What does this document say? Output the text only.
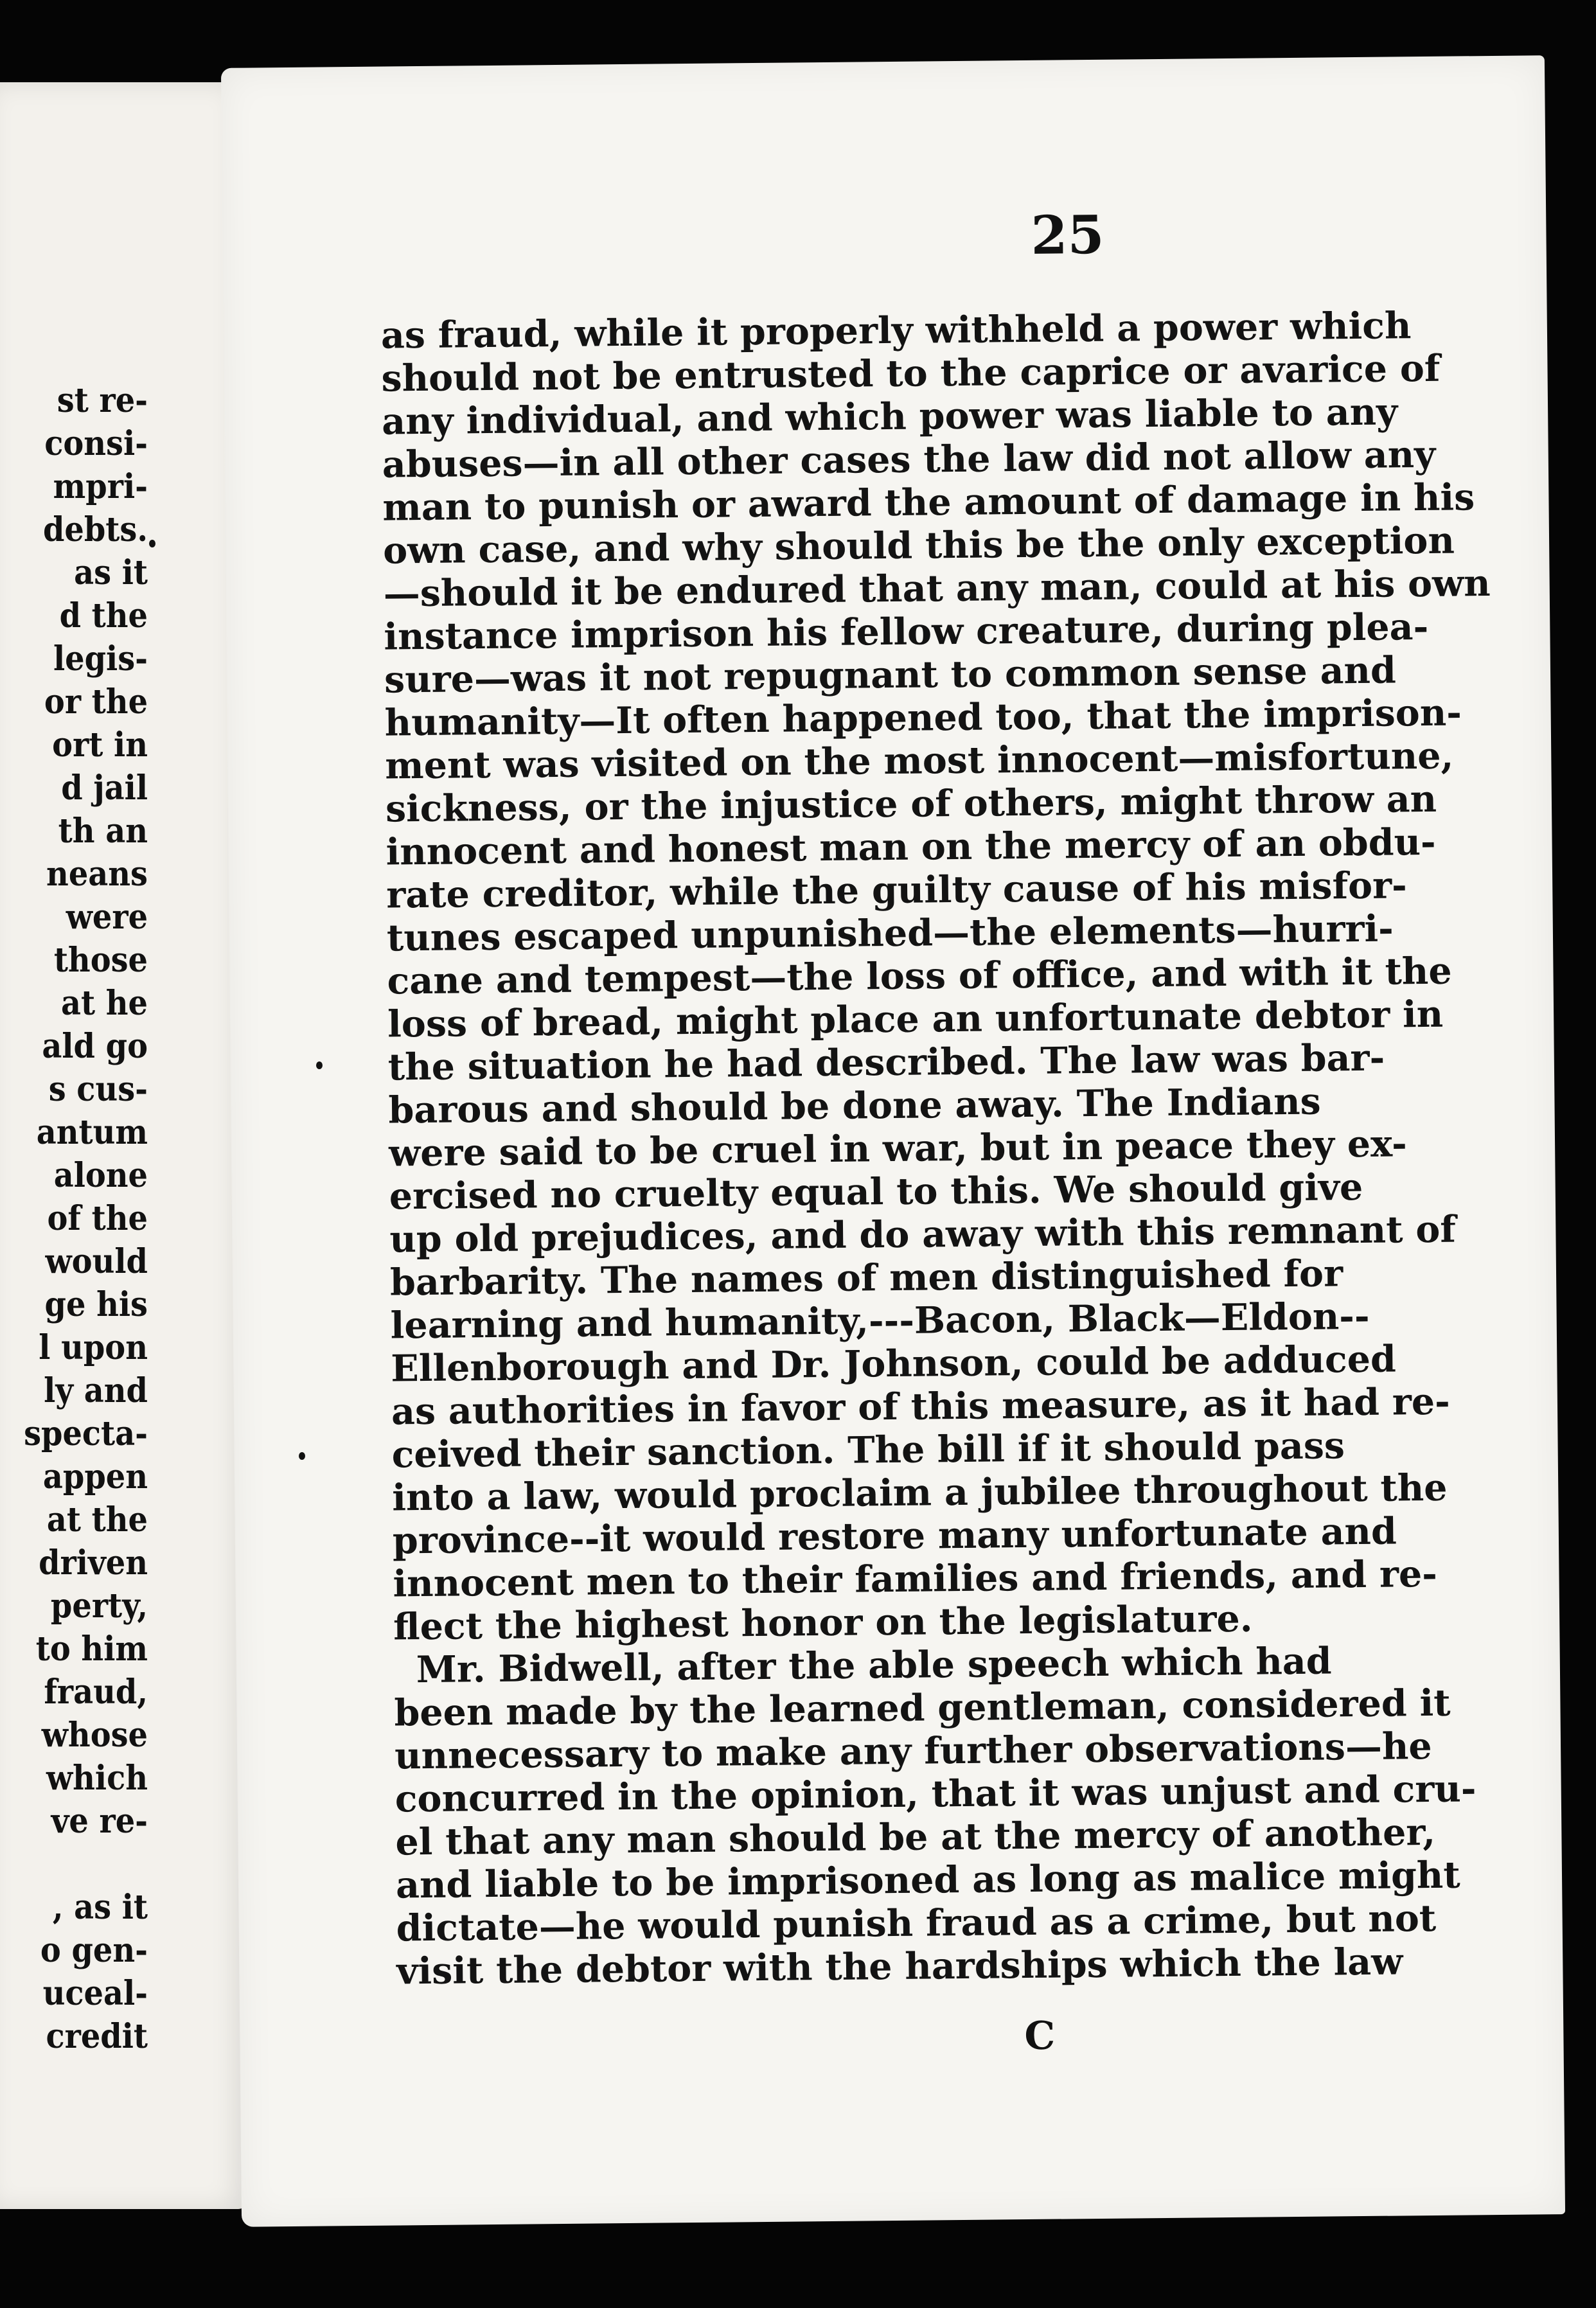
st re-
consi-
mpri-
debts.
as it
d the
legis-
or the
ort in
d jail
th an
neans
were
those
at he
ald go
s cus-
antum
alone
of the
would
ge his
l upon
ly and
specta-
appen
at the
driven
perty,
to him
fraud,
whose
which
ve re-
, as it
o gen-
uceal-
credit
25
as fraud, while it properly withheld a power which
should not be entrusted to the caprice or avarice of
any individual, and which power was liable to any
abuses—in all other cases the law did not allow any
man to punish or award the amount of damage in his
own case, and why should this be the only exception
—should it be endured that any man, could at his own
instance imprison his fellow creature, during plea-
sure—was it not repugnant to common sense and
humanity—It often happened too, that the imprison-
ment was visited on the most innocent—misfortune,
sickness, or the injustice of others, might throw an
innocent and honest man on the mercy of an obdu-
rate creditor, while the guilty cause of his misfor-
tunes escaped unpunished—the elements—hurri-
cane and tempest—the loss of office, and with it the
loss of bread, might place an unfortunate debtor in
the situation he had described. The law was bar-
barous and should be done away. The Indians
were said to be cruel in war, but in peace they ex-
ercised no cruelty equal to this. We should give
up old prejudices, and do away with this remnant of
barbarity. The names of men distinguished for
learning and humanity,---Bacon, Black—Eldon--
Ellenborough and Dr. Johnson, could be adduced
as authorities in favor of this measure, as it had re-
ceived their sanction. The bill if it should pass
into a law, would proclaim a jubilee throughout the
province--it would restore many unfortunate and
innocent men to their families and friends, and re-
flect the highest honor on the legislature.
Mr. Bidwell, after the able speech which had
been made by the learned gentleman, considered it
unnecessary to make any further observations—he
concurred in the opinion, that it was unjust and cru-
el that any man should be at the mercy of another,
and liable to be imprisoned as long as malice might
dictate—he would punish fraud as a crime, but not
visit the debtor with the hardships which the law
C
